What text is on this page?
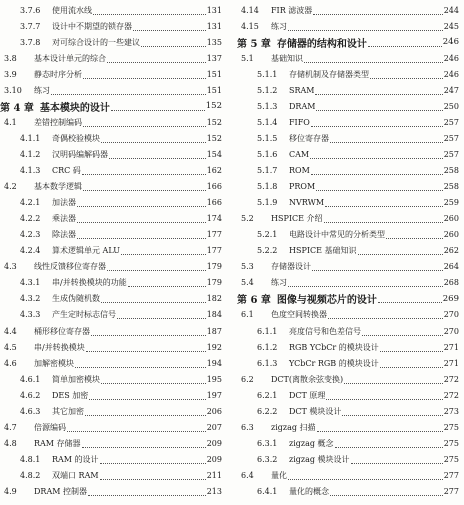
3.7.6	使用流水线	131
3.7.7	设计中不期望的锁存器	131
3.7.8	对可综合设计的一些建议	135
3.8	基本设计单元的综合	137
3.9	静态时序分析	151
3.10	练习	151
第 4 章 基本模块的设计	152
4.1	差错控制编码	152
4.1.1	奇偶校验模块	152
4.1.2	汉明码编解码器	154
4.1.3	CRC 码	162
4.2	基本数学逻辑	166
4.2.1	加法器	166
4.2.2	乘法器	174
4.2.3	除法器	177
4.2.4	算术逻辑单元 ALU	177
4.3	线性反馈移位寄存器	179
4.3.1	串/并转换模块的功能	179
4.3.2	生成伪随机数	182
4.3.3	产生定时标志信号	184
4.4	桶形移位寄存器	187
4.5	串/并转换模块	192
4.6	加解密模块	194
4.6.1	简单加密模块	195
4.6.2	DES 加密	197
4.6.3	其它加密	206
4.7	倍源编码	207
4.8	RAM 存储器	209
4.8.1	RAM 的设计	209
4.8.2	双端口 RAM	211
4.9	DRAM 控制器	213
4.14	FIR 滤波器	244
4.15	练习	245
第 5 章 存储器的结构和设计	246
5.1	基础知识	246
5.1.1	存储机制及存储器类型	246
5.1.2	SRAM	247
5.1.3	DRAM	250
5.1.4	FIFO	257
5.1.5	移位寄存器	257
5.1.6	CAM	257
5.1.7	ROM	258
5.1.8	PROM	258
5.1.9	NVRWM	259
5.2	HSPICE 介绍	260
5.2.1	电路设计中常见的分析类型	260
5.2.2	HSPICE 基础知识	262
5.3	存储器设计	264
5.4	练习	268
第 6 章 图像与视频芯片的设计	269
6.1	色度空间转换器	270
6.1.1	亮度信号和色差信号	270
6.1.2	RGB YCbCr 的模块设计	271
6.1.3	YCbCr RGB 的模块设计	271
6.2	DCT(离散余弦变换)	272
6.2.1	DCT 原理	272
6.2.2	DCT 模块设计	273
6.3	zigzag 扫描	275
6.3.1	zigzag 概念	275
6.3.2	zigzag 模块设计	275
6.4	量化	277
6.4.1	量化的概念	277
